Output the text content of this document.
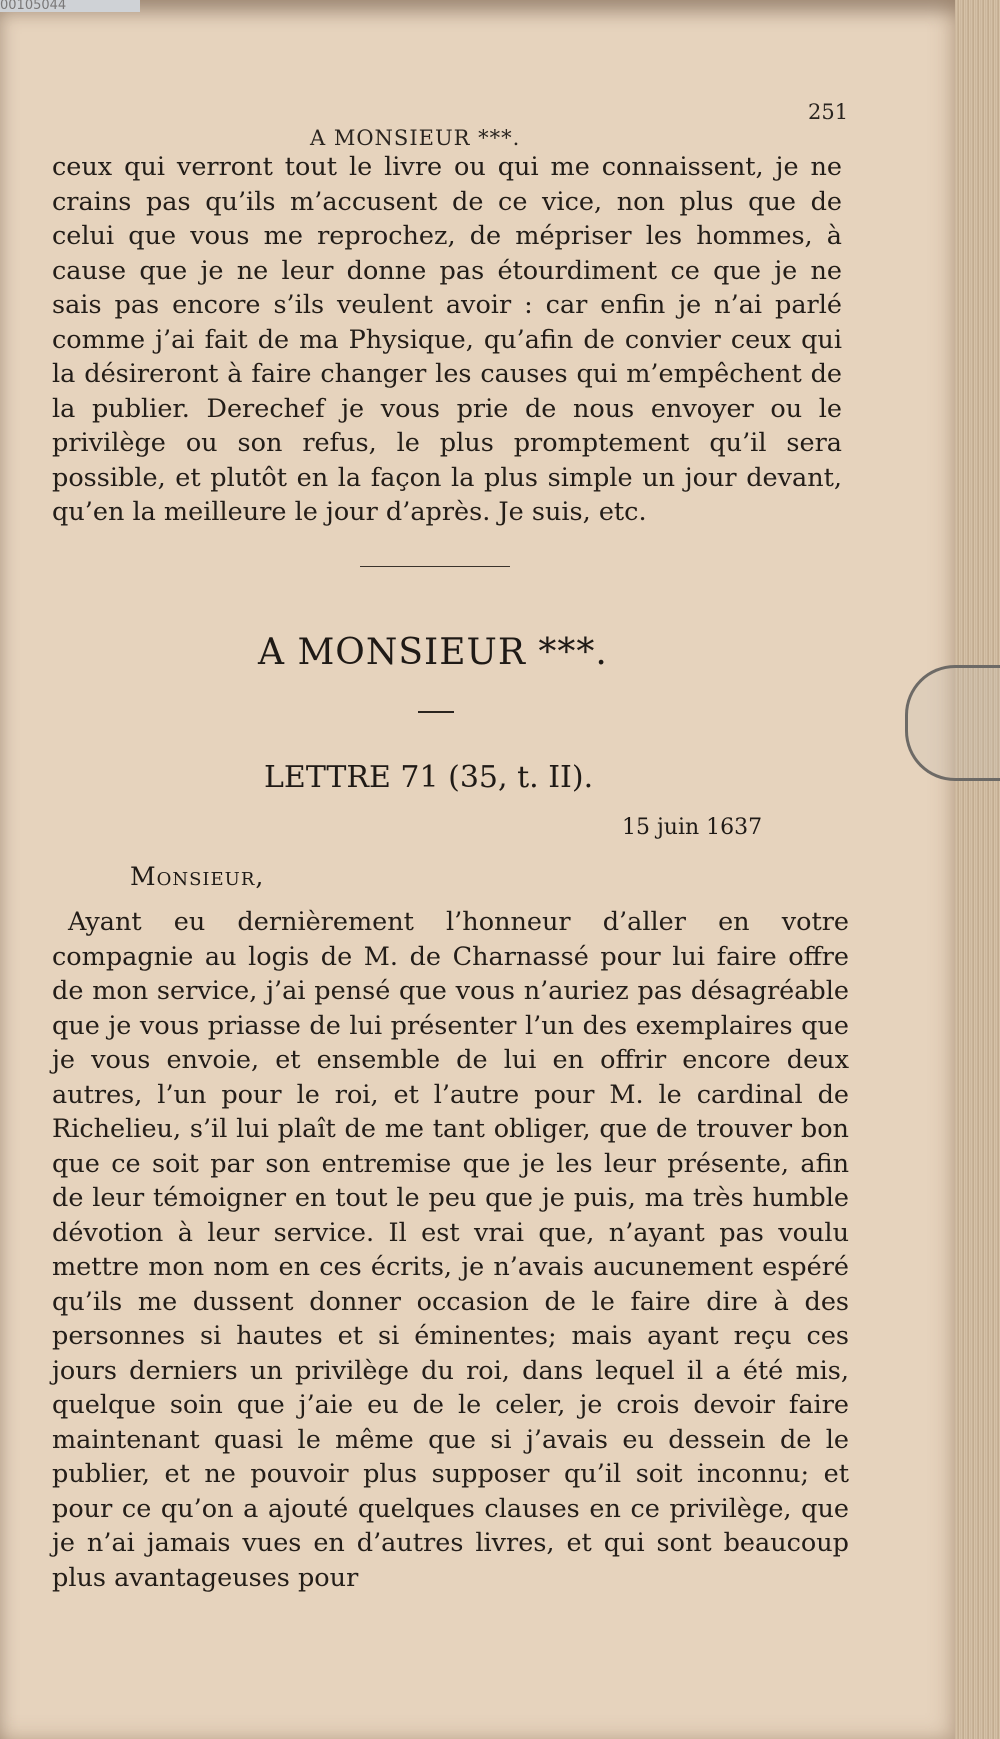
00105044
A MONSIEUR ***.
251

ceux qui verront tout le livre ou qui me connaissent, je ne crains pas qu’ils m’accusent de ce vice, non plus que de celui que vous me reprochez, de mépriser les hommes, à cause que je ne leur donne pas étourdiment ce que je ne sais pas encore s’ils veulent avoir : car enfin je n’ai parlé comme j’ai fait de ma Physique, qu’afin de convier ceux qui la désireront à faire changer les causes qui m’empêchent de la publier. Derechef je vous prie de nous envoyer ou le privilège ou son refus, le plus promptement qu’il sera possible, et plutôt en la façon la plus simple un jour devant, qu’en la meilleure le jour d’après. Je suis, etc.

A MONSIEUR ***.
LETTRE 71 (35, t. II).
15 juin 1637
Monsieur,

Ayant eu dernièrement l’honneur d’aller en votre compagnie au logis de M. de Charnassé pour lui faire offre de mon service, j’ai pensé que vous n’auriez pas désagréable que je vous priasse de lui présenter l’un des exemplaires que je vous envoie, et ensemble de lui en offrir encore deux autres, l’un pour le roi, et l’autre pour M. le cardinal de Richelieu, s’il lui plaît de me tant obliger, que de trouver bon que ce soit par son entremise que je les leur présente, afin de leur témoigner en tout le peu que je puis, ma très humble dévotion à leur service. Il est vrai que, n’ayant pas voulu mettre mon nom en ces écrits, je n’avais aucunement espéré qu’ils me dussent donner occasion de le faire dire à des personnes si hautes et si éminentes; mais ayant reçu ces jours derniers un privilège du roi, dans lequel il a été mis, quelque soin que j’aie eu de le celer, je crois devoir faire maintenant quasi le même que si j’avais eu dessein de le publier, et ne pouvoir plus supposer qu’il soit inconnu; et pour ce qu’on a ajouté quelques clauses en ce privilège, que je n’ai jamais vues en d’autres livres, et qui sont beaucoup plus avantageuses pour
